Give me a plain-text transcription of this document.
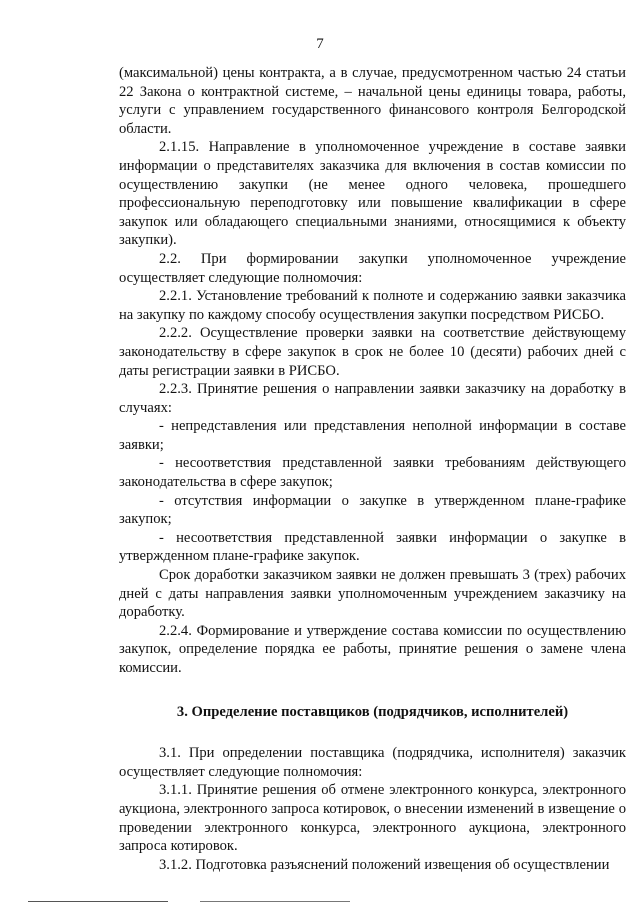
7

(максимальной) цены контракта, а в случае, предусмотренном частью 24 статьи 22 Закона о контрактной системе, – начальной цены единицы товара, работы, услуги с управлением государственного финансового контроля Белгородской области.

2.1.15. Направление в уполномоченное учреждение в составе заявки информации о представителях заказчика для включения в состав комиссии по осуществлению закупки (не менее одного человека, прошедшего профессиональную переподготовку или повышение квалификации в сфере закупок или обладающего специальными знаниями, относящимися к объекту закупки).

2.2. При формировании закупки уполномоченное учреждение осуществляет следующие полномочия:

2.2.1. Установление требований к полноте и содержанию заявки заказчика на закупку по каждому способу осуществления закупки посредством РИСБО.

2.2.2. Осуществление проверки заявки на соответствие действующему законодательству в сфере закупок в срок не более 10 (десяти) рабочих дней с даты регистрации заявки в РИСБО.

2.2.3. Принятие решения о направлении заявки заказчику на доработку в случаях:

- непредставления или представления неполной информации в составе заявки;

- несоответствия представленной заявки требованиям действующего законодательства в сфере закупок;

- отсутствия информации о закупке в утвержденном плане-графике закупок;

- несоответствия представленной заявки информации о закупке в утвержденном плане-графике закупок.

Срок доработки заказчиком заявки не должен превышать 3 (трех) рабочих дней с даты направления заявки уполномоченным учреждением заказчику на доработку.

2.2.4. Формирование и утверждение состава комиссии по осуществлению закупок, определение порядка ее работы, принятие решения о замене члена комиссии.

3. Определение поставщиков (подрядчиков, исполнителей)

3.1. При определении поставщика (подрядчика, исполнителя) заказчик осуществляет следующие полномочия:

3.1.1. Принятие решения об отмене электронного конкурса, электронного аукциона, электронного запроса котировок, о внесении изменений в извещение о проведении электронного конкурса, электронного аукциона, электронного запроса котировок.

3.1.2. Подготовка разъяснений положений извещения об осуществлении
